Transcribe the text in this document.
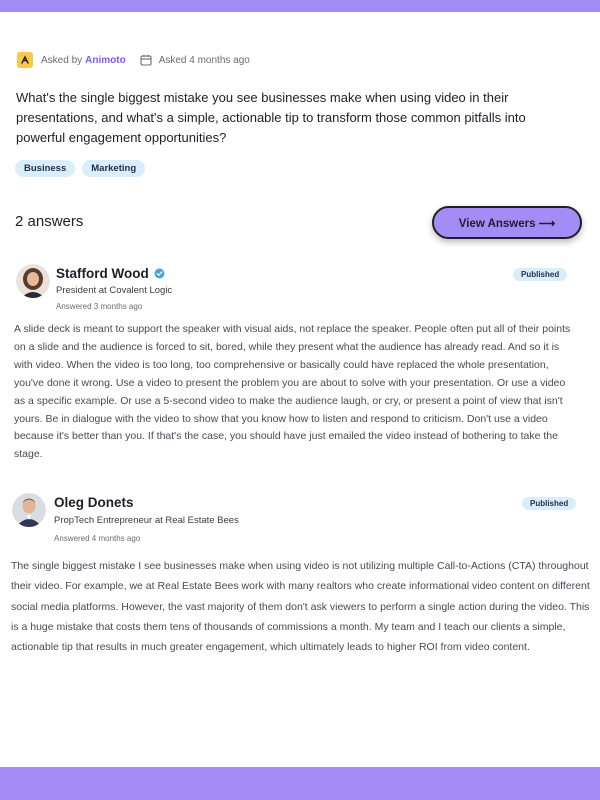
Asked by Animoto	Asked 4 months ago
What's the single biggest mistake you see businesses make when using video in their presentations, and what's a simple, actionable tip to transform those common pitfalls into powerful engagement opportunities?
Business	Marketing
2 answers	View Answers ⟶
Stafford Wood
President at Covalent Logic
Answered 3 months ago
Published
A slide deck is meant to support the speaker with visual aids, not replace the speaker. People often put all of their points on a slide and the audience is forced to sit, bored, while they present what the audience has already read. And so it is with video. When the video is too long, too comprehensive or basically could have replaced the whole presentation, you've done it wrong. Use a video to present the problem you are about to solve with your presentation. Or use a video as a specific example. Or use a 5-second video to make the audience laugh, or cry, or present a point of view that isn't yours. Be in dialogue with the video to show that you know how to listen and respond to criticism. Don't use a video because it's better than you. If that's the case, you should have just emailed the video instead of bothering to take the stage.
Oleg Donets
PropTech Entrepreneur at Real Estate Bees
Answered 4 months ago
Published
The single biggest mistake I see businesses make when using video is not utilizing multiple Call-to-Actions (CTA) throughout their video. For example, we at Real Estate Bees work with many realtors who create informational video content on different social media platforms. However, the vast majority of them don't ask viewers to perform a single action during the video. This is a huge mistake that costs them tens of thousands of commissions a month. My team and I teach our clients a simple, actionable tip that results in much greater engagement, which ultimately leads to higher ROI from video content.
